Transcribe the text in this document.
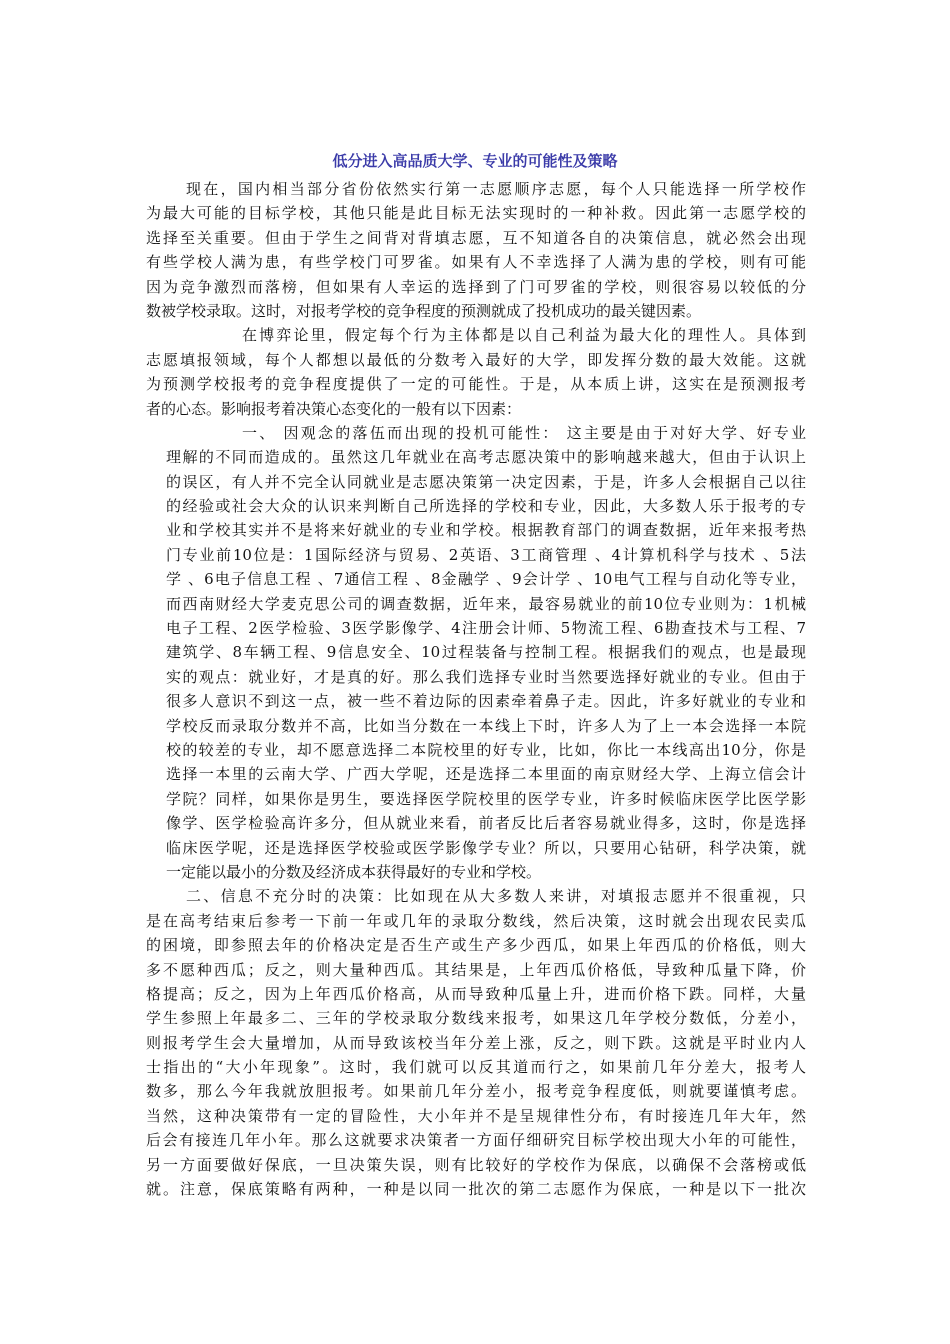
低分进入高品质大学、专业的可能性及策略
现在，国内相当部分省份依然实行第一志愿顺序志愿，每个人只能选择一所学校作
为最大可能的目标学校，其他只能是此目标无法实现时的一种补救。因此第一志愿学校的
选择至关重要。但由于学生之间背对背填志愿，互不知道各自的决策信息，就必然会出现
有些学校人满为患，有些学校门可罗雀。如果有人不幸选择了人满为患的学校，则有可能
因为竞争激烈而落榜，但如果有人幸运的选择到了门可罗雀的学校，则很容易以较低的分
数被学校录取。这时，对报考学校的竞争程度的预测就成了投机成功的最关键因素。
在博弈论里，假定每个行为主体都是以自己利益为最大化的理性人。具体到
志愿填报领域，每个人都想以最低的分数考入最好的大学，即发挥分数的最大效能。这就
为预测学校报考的竞争程度提供了一定的可能性。于是，从本质上讲，这实在是预测报考
者的心态。影响报考着决策心态变化的一般有以下因素：
一、 因观念的落伍而出现的投机可能性： 这主要是由于对好大学、好专业
理解的不同而造成的。虽然这几年就业在高考志愿决策中的影响越来越大，但由于认识上
的误区，有人并不完全认同就业是志愿决策第一决定因素，于是，许多人会根据自己以往
的经验或社会大众的认识来判断自己所选择的学校和专业，因此，大多数人乐于报考的专
业和学校其实并不是将来好就业的专业和学校。根据教育部门的调查数据，近年来报考热
门专业前10位是：1国际经济与贸易、2英语、3工商管理 、4计算机科学与技术 、5法
学 、6电子信息工程 、7通信工程 、8金融学 、9会计学 、10电气工程与自动化等专业，
而西南财经大学麦克思公司的调查数据，近年来，最容易就业的前10位专业则为：1机械
电子工程、2医学检验、3医学影像学、4注册会计师、5物流工程、6勘查技术与工程、7
建筑学、8车辆工程、9信息安全、10过程装备与控制工程。根据我们的观点，也是最现
实的观点：就业好，才是真的好。那么我们选择专业时当然要选择好就业的专业。但由于
很多人意识不到这一点，被一些不着边际的因素牵着鼻子走。因此，许多好就业的专业和
学校反而录取分数并不高，比如当分数在一本线上下时，许多人为了上一本会选择一本院
校的较差的专业，却不愿意选择二本院校里的好专业，比如，你比一本线高出10分，你是
选择一本里的云南大学、广西大学呢，还是选择二本里面的南京财经大学、上海立信会计
学院？同样，如果你是男生，要选择医学院校里的医学专业，许多时候临床医学比医学影
像学、医学检验高许多分，但从就业来看，前者反比后者容易就业得多，这时，你是选择
临床医学呢，还是选择医学校验或医学影像学专业？所以，只要用心钻研，科学决策，就
一定能以最小的分数及经济成本获得最好的专业和学校。
二、信息不充分时的决策：比如现在从大多数人来讲，对填报志愿并不很重视，只
是在高考结束后参考一下前一年或几年的录取分数线，然后决策，这时就会出现农民卖瓜
的困境，即参照去年的价格决定是否生产或生产多少西瓜，如果上年西瓜的价格低，则大
多不愿种西瓜；反之，则大量种西瓜。其结果是，上年西瓜价格低，导致种瓜量下降，价
格提高；反之，因为上年西瓜价格高，从而导致种瓜量上升，进而价格下跌。同样，大量
学生参照上年最多二、三年的学校录取分数线来报考，如果这几年学校分数低，分差小，
则报考学生会大量增加，从而导致该校当年分差上涨，反之，则下跌。这就是平时业内人
士指出的“大小年现象”。这时，我们就可以反其道而行之，如果前几年分差大，报考人
数多，那么今年我就放胆报考。如果前几年分差小，报考竞争程度低，则就要谨慎考虑。
当然，这种决策带有一定的冒险性，大小年并不是呈规律性分布，有时接连几年大年，然
后会有接连几年小年。那么这就要求决策者一方面仔细研究目标学校出现大小年的可能性，
另一方面要做好保底，一旦决策失误，则有比较好的学校作为保底，以确保不会落榜或低
就。注意，保底策略有两种，一种是以同一批次的第二志愿作为保底，一种是以下一批次
